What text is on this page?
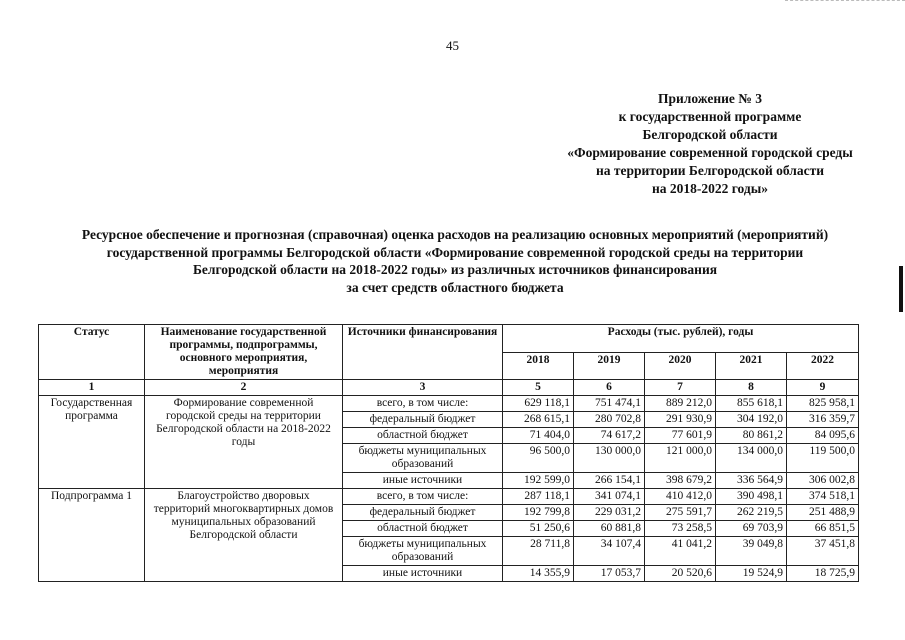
45
Приложение № 3
к государственной программе
Белгородской области
«Формирование современной городской среды
на территории Белгородской области
на 2018-2022 годы»
Ресурсное обеспечение и прогнозная (справочная) оценка расходов на реализацию основных мероприятий (мероприятий)
государственной программы Белгородской области «Формирование современной городской среды на территории
Белгородской области на 2018-2022 годы» из различных источников финансирования
за счет средств областного бюджета
Статус	Наименование государственной программы, подпрограммы, основного мероприятия, мероприятия	Источники финансирования	Расходы (тыс. рублей), годы				
			2018	2019	2020	2021	2022
1	2	3	5	6	7	8	9
Государственная программа	Формирование современной городской среды на территории Белгородской области на 2018-2022 годы	всего, в том числе:	629 118,1	751 474,1	889 212,0	855 618,1	825 958,1
		федеральный бюджет	268 615,1	280 702,8	291 930,9	304 192,0	316 359,7
		областной бюджет	71 404,0	74 617,2	77 601,9	80 861,2	84 095,6
		бюджеты муниципальных образований	96 500,0	130 000,0	121 000,0	134 000,0	119 500,0
		иные источники	192 599,0	266 154,1	398 679,2	336 564,9	306 002,8
Подпрограмма 1	Благоустройство дворовых территорий многоквартирных домов муниципальных образований Белгородской области	всего, в том числе:	287 118,1	341 074,1	410 412,0	390 498,1	374 518,1
		федеральный бюджет	192 799,8	229 031,2	275 591,7	262 219,5	251 488,9
		областной бюджет	51 250,6	60 881,8	73 258,5	69 703,9	66 851,5
		бюджеты муниципальных образований	28 711,8	34 107,4	41 041,2	39 049,8	37 451,8
		иные источники	14 355,9	17 053,7	20 520,6	19 524,9	18 725,9
